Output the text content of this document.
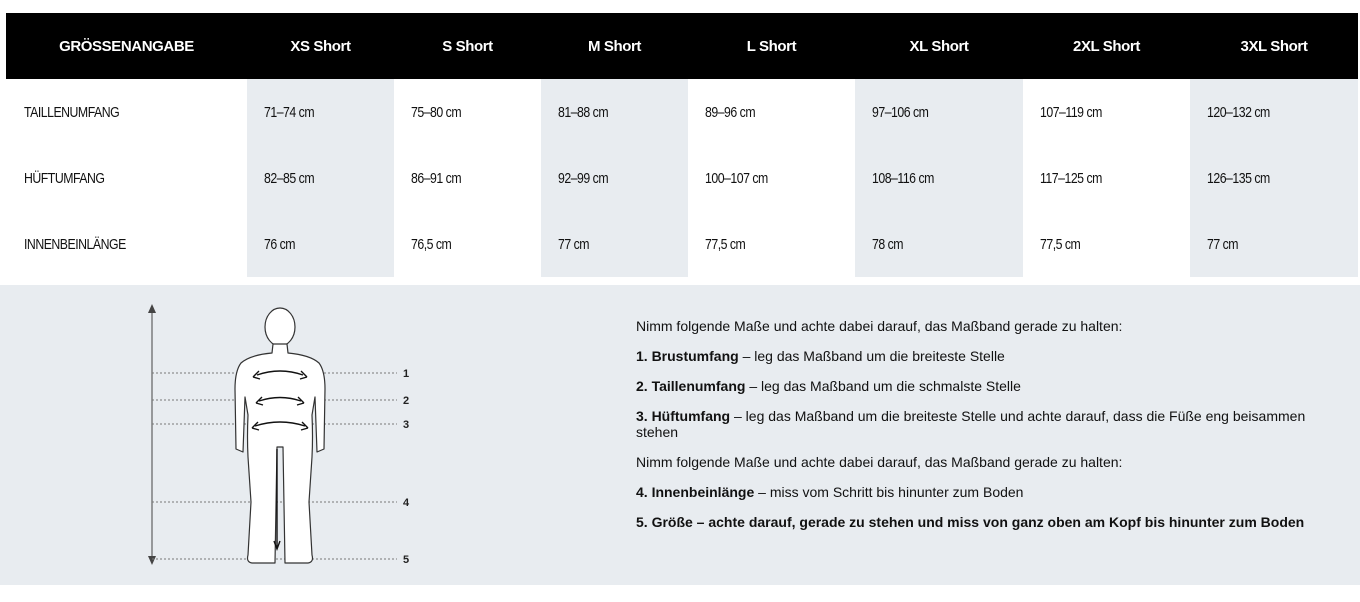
GRÖSSENANGABE	XS Short	S Short	M Short	L Short	XL Short	2XL Short	3XL Short
TAILLENUMFANG	71–74 cm	75–80 cm	81–88 cm	89–96 cm	97–106 cm	107–119 cm	120–132 cm
HÜFTUMFANG	82–85 cm	86–91 cm	92–99 cm	100–107 cm	108–116 cm	117–125 cm	126–135 cm
INNENBEINLÄNGE	76 cm	76,5 cm	77 cm	77,5 cm	78 cm	77,5 cm	77 cm
1
2
3
4
5

Nimm folgende Maße und achte dabei darauf, das Maßband gerade zu halten:

1. Brustumfang – leg das Maßband um die breiteste Stelle

2. Taillenumfang – leg das Maßband um die schmalste Stelle

3. Hüftumfang – leg das Maßband um die breiteste Stelle und achte darauf, dass die Füße eng beisammen stehen

Nimm folgende Maße und achte dabei darauf, das Maßband gerade zu halten:

4. Innenbeinlänge – miss vom Schritt bis hinunter zum Boden

5. Größe – achte darauf, gerade zu stehen und miss von ganz oben am Kopf bis hinunter zum Boden
